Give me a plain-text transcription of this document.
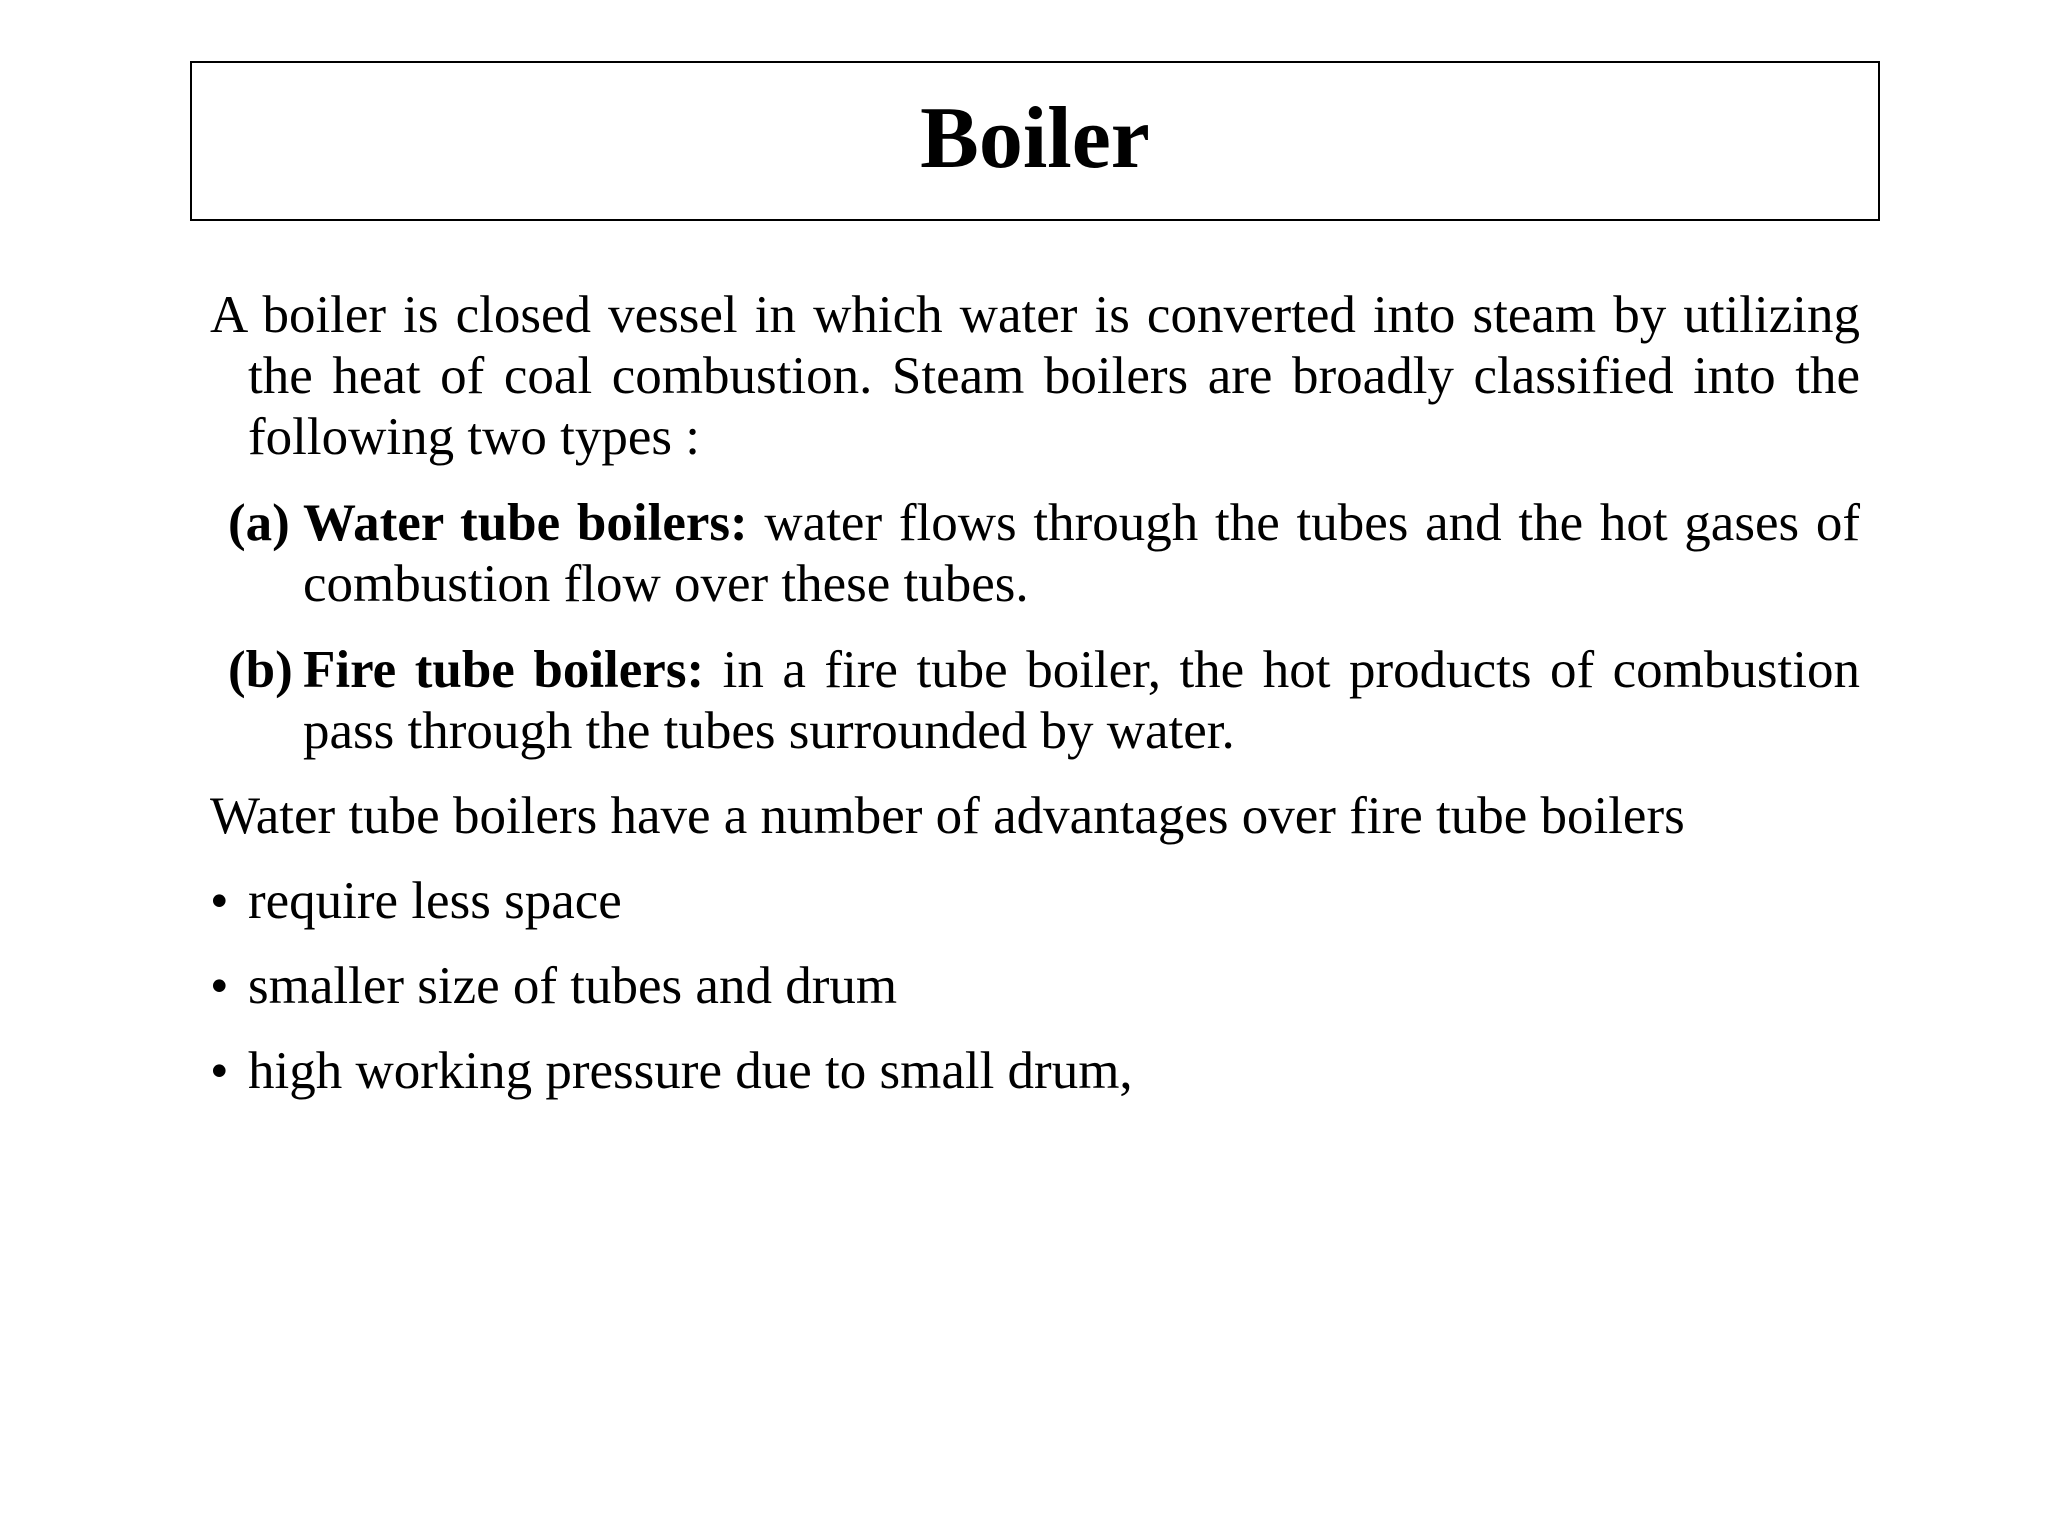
Boiler

A boiler is closed vessel in which water is converted into steam by utilizing the heat of coal combustion. Steam boilers are broadly classified into the following two types :

(a) Water tube boilers: water flows through the tubes and the hot gases of combustion flow over these tubes.
(b) Fire tube boilers: in a fire tube boiler, the hot products of combustion pass through the tubes surrounded by water.
Water tube boilers have a number of advantages over fire tube boilers
• require less space
• smaller size of tubes and drum
• high working pressure due to small drum,
